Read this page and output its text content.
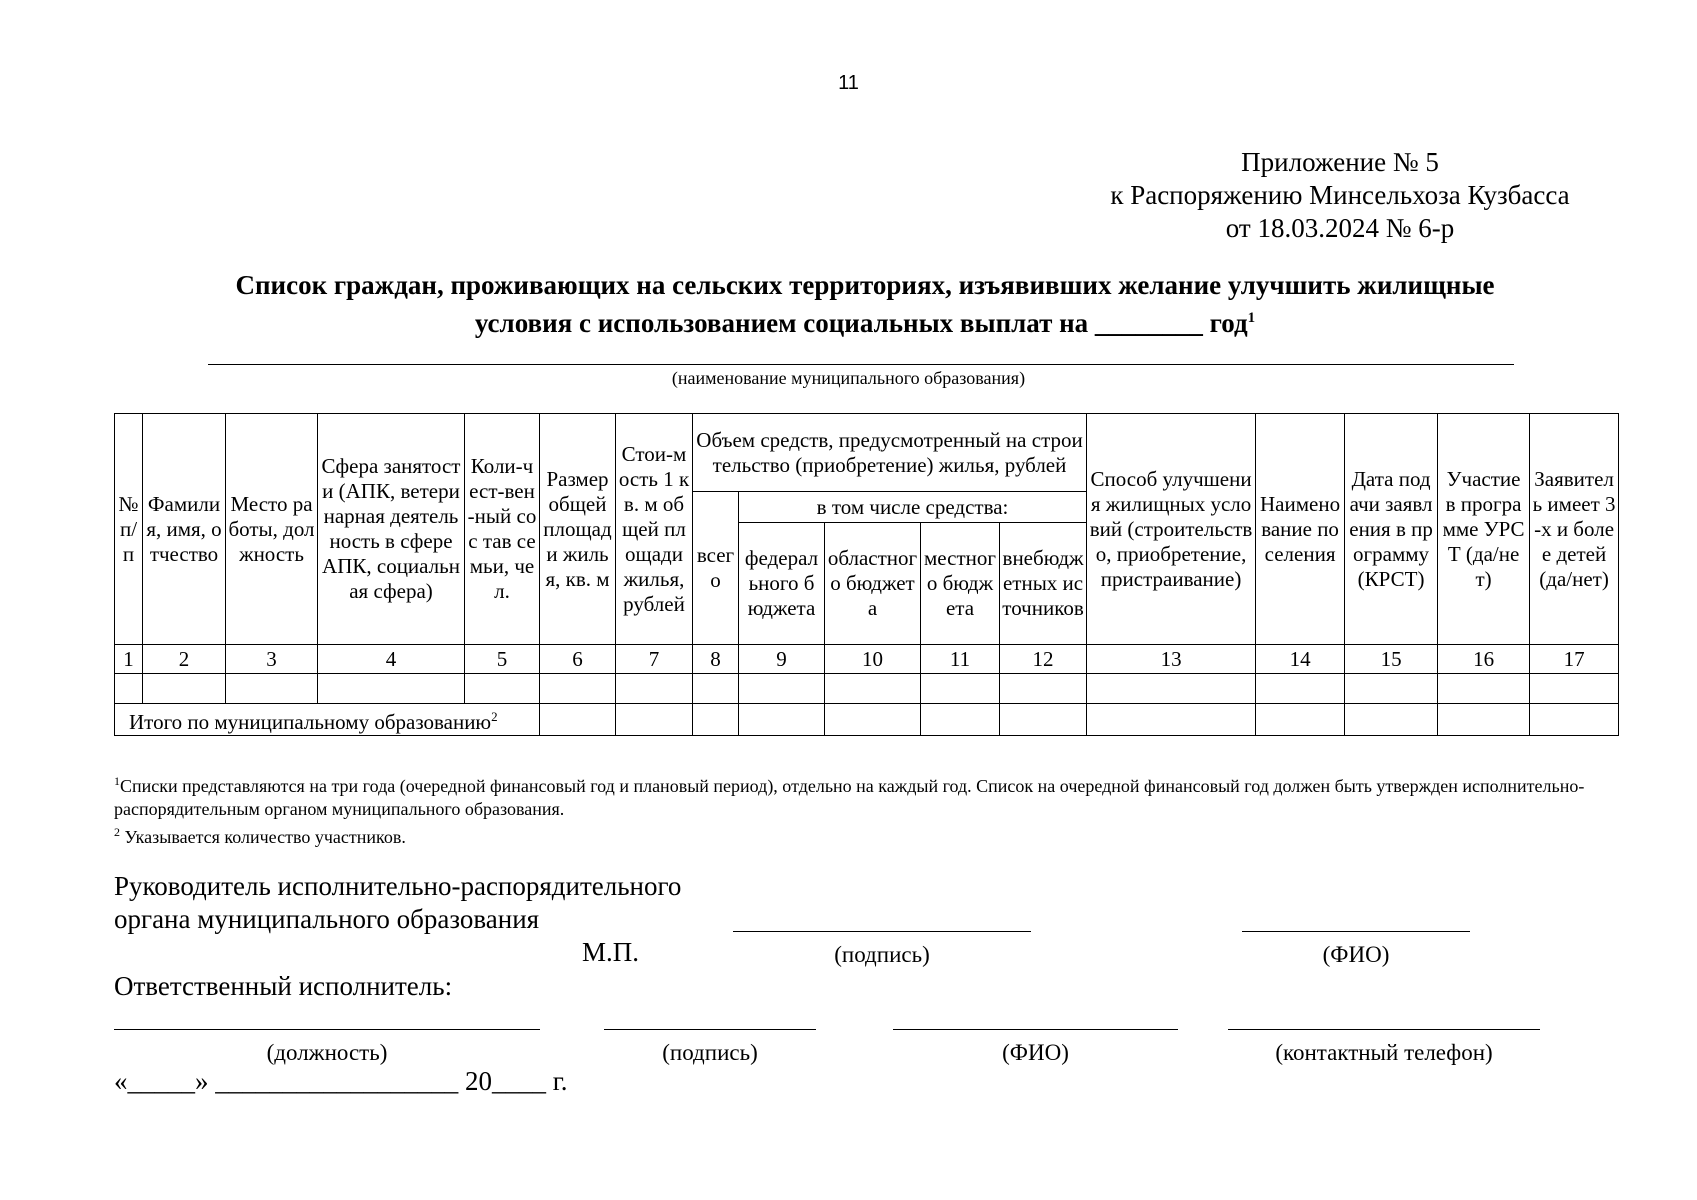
11
Приложение № 5
к Распоряжению Минсельхоза Кузбасса
от 18.03.2024 № 6-р
Список граждан, проживающих на сельских территориях, изъявивших желание улучшить жилищные
условия с использованием социальных выплат на ________ год$^1$
(наименование муниципального образования)
№ п/п	Фамилия, имя, отчество	Место работы, должность	Сфера занятости (АПК, ветеринарная деятельность в сфере АПК, социальная сфера)	Коли-чест-вен-ный сос тав семьи, чел.	Размер общей площади жилья, кв. м	Стои-мость 1 кв. м общей площади жилья, рублей	Объем средств, предусмотренный на строительство (приобретение) жилья, рублей					Способ улучшения жилищных условий (строительство, приобретение, пристраивание)	Наименование поселения	Дата подачи заявления в программу (КРСТ)	Участие в программе УРСТ (да/нет)	Заявитель имеет 3-х и более детей (да/нет)
							всего	в том числе средства:								
								федерального бюджета	областного бюджета	местного бюджета	внебюджетных источников					
1	2	3	4	5	6	7	8	9	10	11	12	13	14	15	16	17

Итого по муниципальному образованию$^2$												
$^1$Списки представляются на три года (очередной финансовый год и плановый период), отдельно на каждый год. Список на очередной финансовый год должен быть утвержден исполнительно-распорядительным органом муниципального образования.
$^2$ Указывается количество участников.
Руководитель исполнительно-распорядительного
органа муниципального образования
М.П.	(подпись)	(ФИО)
Ответственный исполнитель:
(должность)	(подпись)	(ФИО)	(контактный телефон)
«_____» __________________ 20____ г.
